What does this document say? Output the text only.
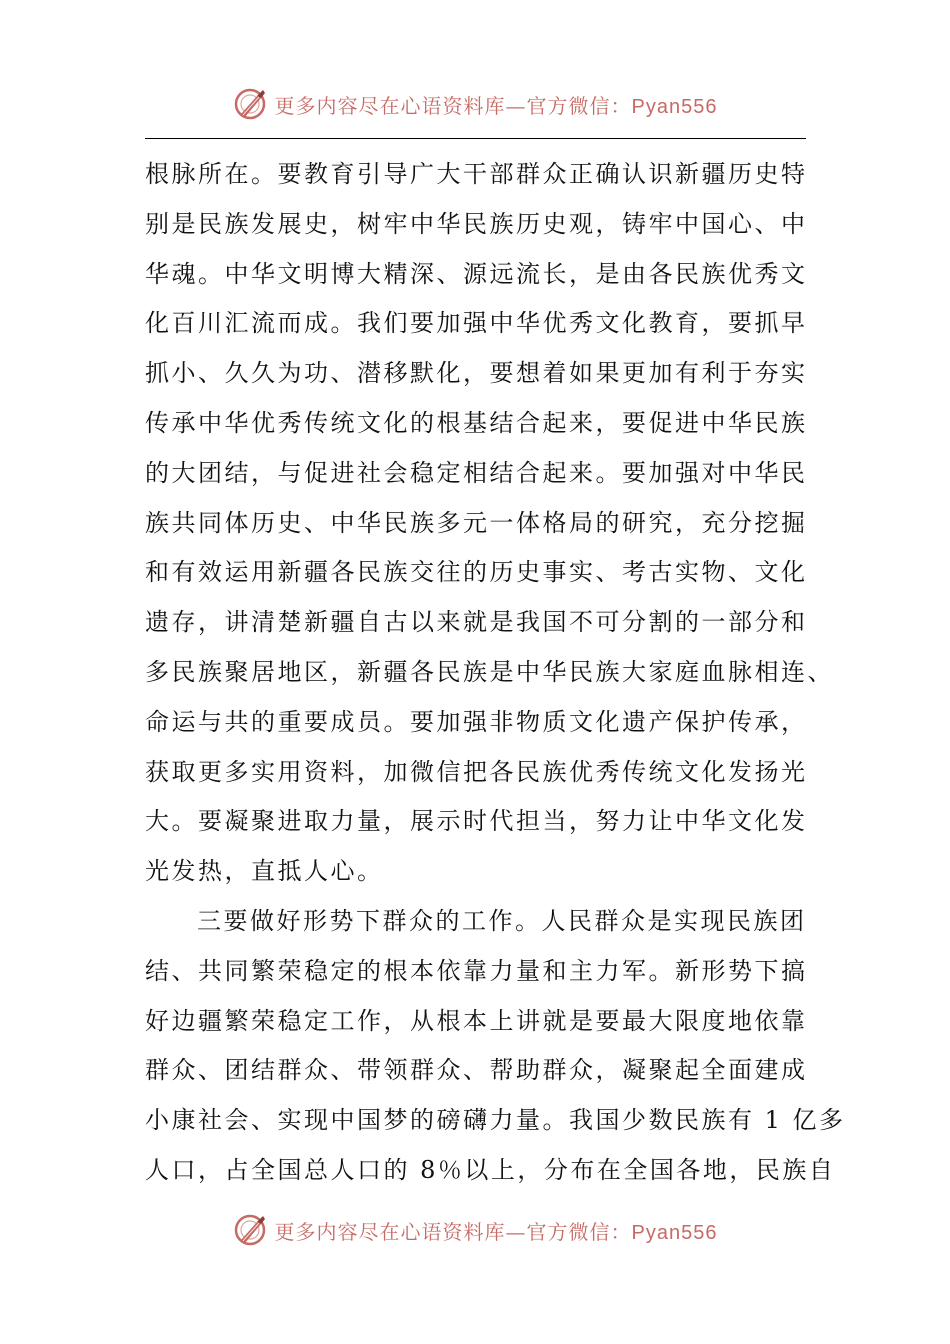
更多内容尽在心语资料库—官方微信：Pyan556
根脉所在。要教育引导广大干部群众正确认识新疆历史特
别是民族发展史，树牢中华民族历史观，铸牢中国心、中
华魂。中华文明博大精深、源远流长，是由各民族优秀文
化百川汇流而成。我们要加强中华优秀文化教育，要抓早
抓小、久久为功、潜移默化，要想着如果更加有利于夯实
传承中华优秀传统文化的根基结合起来，要促进中华民族
的大团结，与促进社会稳定相结合起来。要加强对中华民
族共同体历史、中华民族多元一体格局的研究，充分挖掘
和有效运用新疆各民族交往的历史事实、考古实物、文化
遗存，讲清楚新疆自古以来就是我国不可分割的一部分和
多民族聚居地区，新疆各民族是中华民族大家庭血脉相连、
命运与共的重要成员。要加强非物质文化遗产保护传承，
获取更多实用资料，加微信把各民族优秀传统文化发扬光
大。要凝聚进取力量，展示时代担当，努力让中华文化发
光发热，直抵人心。
三要做好形势下群众的工作。人民群众是实现民族团
结、共同繁荣稳定的根本依靠力量和主力军。新形势下搞
好边疆繁荣稳定工作，从根本上讲就是要最大限度地依靠
群众、团结群众、带领群众、帮助群众，凝聚起全面建成
小康社会、实现中国梦的磅礴力量。我国少数民族有 1 亿多
人口，占全国总人口的 8％以上，分布在全国各地，民族自
更多内容尽在心语资料库—官方微信：Pyan556
